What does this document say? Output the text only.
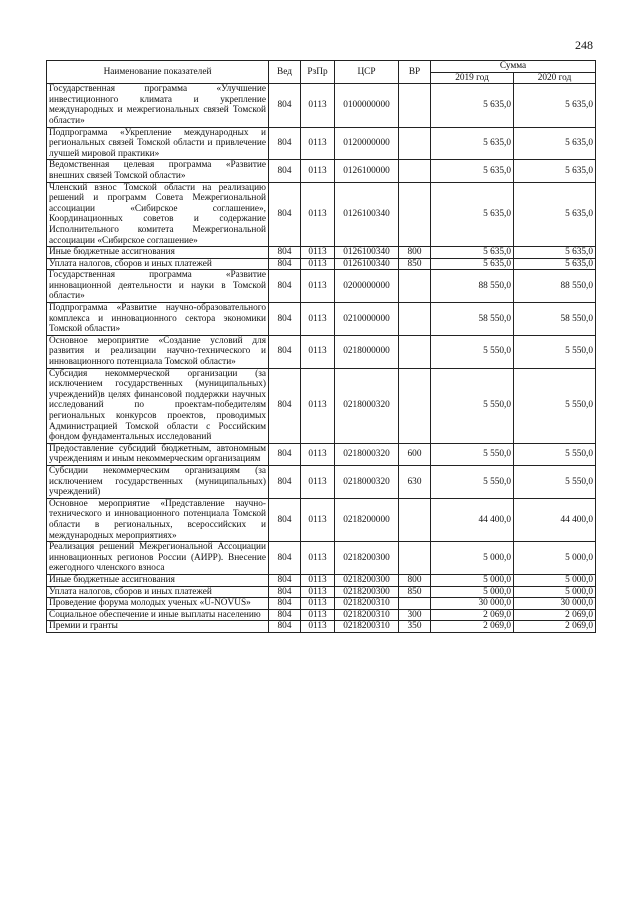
248
Наименование показателей	Вед	РзПр	ЦСР	ВР	Сумма	
					2019 год	2020 год
Государственная программа «Улучшение инвестиционного климата и укрепление международных и межрегиональных связей Томской области»	804	0113	0100000000		5 635,0	5 635,0
Подпрограмма «Укрепление международных и региональных связей Томской области и привлечение лучшей мировой практики»	804	0113	0120000000		5 635,0	5 635,0
Ведомственная целевая программа «Развитие внешних связей Томской области»	804	0113	0126100000		5 635,0	5 635,0
Членский взнос Томской области на реализацию решений и программ Совета Межрегиональной ассоциации «Сибирское соглашение», Координационных советов и содержание Исполнительного комитета Межрегиональной ассоциации «Сибирское соглашение»	804	0113	0126100340		5 635,0	5 635,0
Иные бюджетные ассигнования	804	0113	0126100340	800	5 635,0	5 635,0
Уплата налогов, сборов и иных платежей	804	0113	0126100340	850	5 635,0	5 635,0
Государственная программа «Развитие инновационной деятельности и науки в Томской области»	804	0113	0200000000		88 550,0	88 550,0
Подпрограмма «Развитие научно-образовательного комплекса и инновационного сектора экономики Томской области»	804	0113	0210000000		58 550,0	58 550,0
Основное мероприятие «Создание условий для развития и реализации научно-технического и инновационного потенциала Томской области»	804	0113	0218000000		5 550,0	5 550,0
Субсидия некоммерческой организации (за исключением государственных (муниципальных) учреждений)в целях финансовой поддержки научных исследований по проектам-победителям региональных конкурсов проектов, проводимых Администрацией Томской области с Российским фондом фундаментальных исследований	804	0113	0218000320		5 550,0	5 550,0
Предоставление субсидий бюджетным, автономным учреждениям и иным некоммерческим организациям	804	0113	0218000320	600	5 550,0	5 550,0
Субсидии некоммерческим организациям (за исключением государственных (муниципальных) учреждений)	804	0113	0218000320	630	5 550,0	5 550,0
Основное мероприятие «Представление научно-технического и инновационного потенциала Томской области в региональных, всероссийских и международных мероприятиях»	804	0113	0218200000		44 400,0	44 400,0
Реализация решений Межрегиональной Ассоциации инновационных регионов России (АИРР). Внесение ежегодного членского взноса	804	0113	0218200300		5 000,0	5 000,0
Иные бюджетные ассигнования	804	0113	0218200300	800	5 000,0	5 000,0
Уплата налогов, сборов и иных платежей	804	0113	0218200300	850	5 000,0	5 000,0
Проведение форума молодых ученых «U-NOVUS»	804	0113	0218200310		30 000,0	30 000,0
Социальное обеспечение и иные выплаты населению	804	0113	0218200310	300	2 069,0	2 069,0
Премии и гранты	804	0113	0218200310	350	2 069,0	2 069,0
